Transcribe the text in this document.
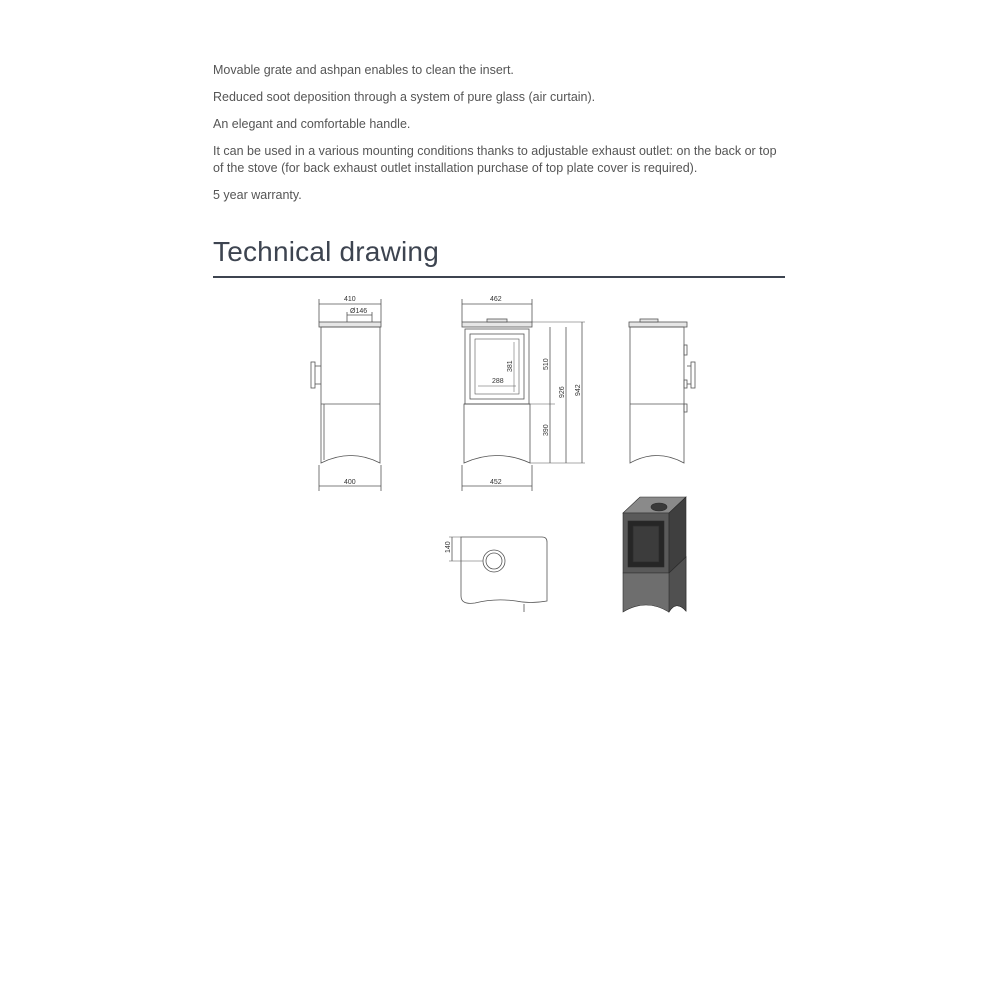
Movable grate and ashpan enables to clean the insert.

Reduced soot deposition through a system of pure glass (air curtain).

An elegant and comfortable handle.

It can be used in a various mounting conditions thanks to adjustable exhaust outlet: on the back or top of the stove (for back exhaust outlet installation purchase of top plate cover is required).

5 year warranty.

Technical drawing
410
Ø146
400
462
288
381	510
390
926 942
452
140
